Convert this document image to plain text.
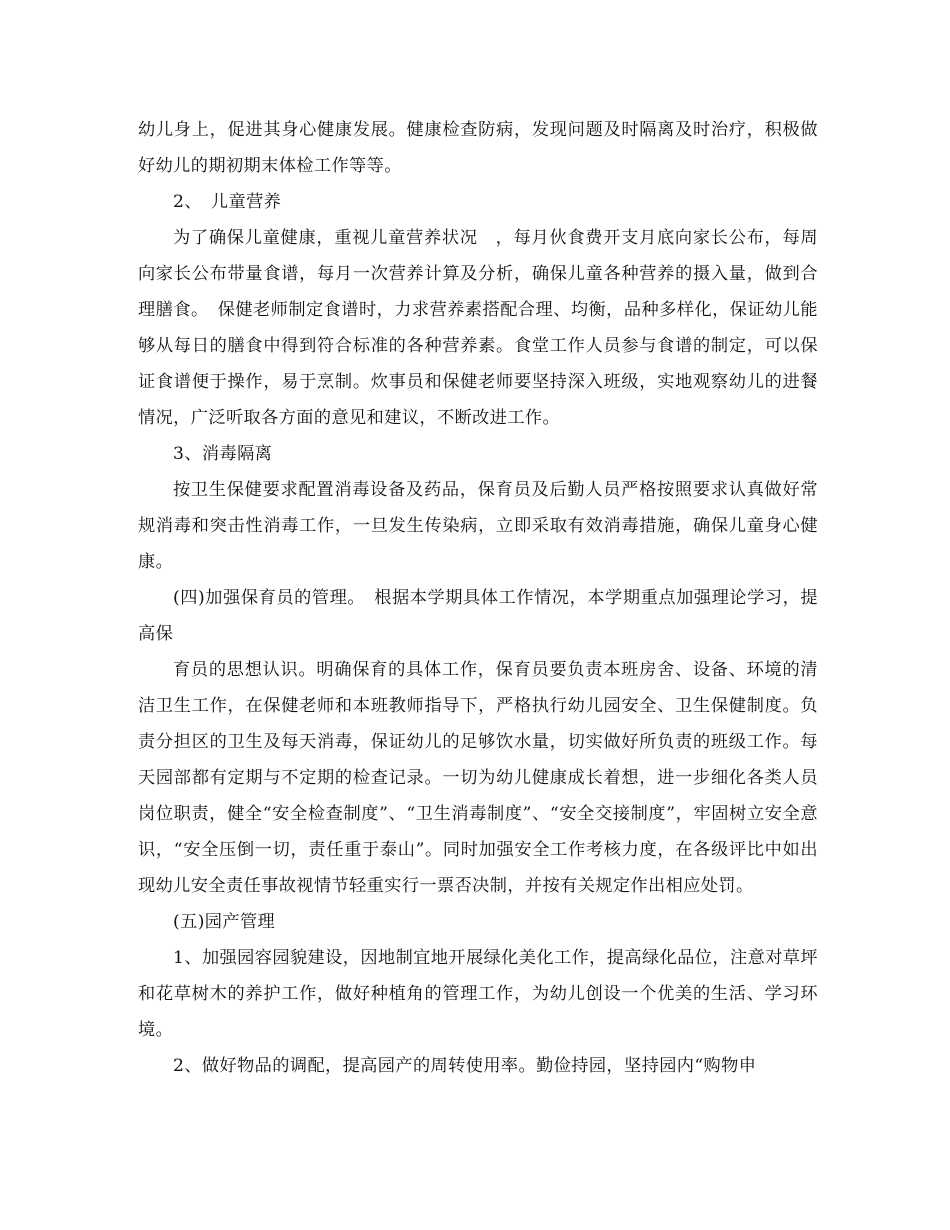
幼儿身上，促进其身心健康发展。健康检查防病，发现问题及时隔离及时治疗，积极做好幼儿的期初期末体检工作等等。

2、　儿童营养

为了确保儿童健康，重视儿童营养状况　，每月伙食费开支月底向家长公布，每周向家长公布带量食谱，每月一次营养计算及分析，确保儿童各种营养的摄入量，做到合理膳食。　保健老师制定食谱时，力求营养素搭配合理、均衡，品种多样化，保证幼儿能够从每日的膳食中得到符合标准的各种营养素。食堂工作人员参与食谱的制定，可以保证食谱便于操作，易于烹制。炊事员和保健老师要坚持深入班级，实地观察幼儿的进餐情况，广泛听取各方面的意见和建议，不断改进工作。

3、消毒隔离

按卫生保健要求配置消毒设备及药品，保育员及后勤人员严格按照要求认真做好常规消毒和突击性消毒工作，一旦发生传染病，立即采取有效消毒措施，确保儿童身心健康。

(四)加强保育员的管理。　根据本学期具体工作情况，本学期重点加强理论学习，提高保

育员的思想认识。明确保育的具体工作，保育员要负责本班房舍、设备、环境的清洁卫生工作，在保健老师和本班教师指导下，严格执行幼儿园安全、卫生保健制度。负责分担区的卫生及每天消毒，保证幼儿的足够饮水量，切实做好所负责的班级工作。每天园部都有定期与不定期的检查记录。一切为幼儿健康成长着想，进一步细化各类人员岗位职责，健全“安全检查制度”、“卫生消毒制度”、“安全交接制度”，牢固树立安全意识，“安全压倒一切，责任重于泰山”。同时加强安全工作考核力度，在各级评比中如出现幼儿安全责任事故视情节轻重实行一票否决制，并按有关规定作出相应处罚。

(五)园产管理

1、加强园容园貌建设，因地制宜地开展绿化美化工作，提高绿化品位，注意对草坪和花草树木的养护工作，做好种植角的管理工作，为幼儿创设一个优美的生活、学习环境。

2、做好物品的调配，提高园产的周转使用率。勤俭持园，坚持园内“购物申
